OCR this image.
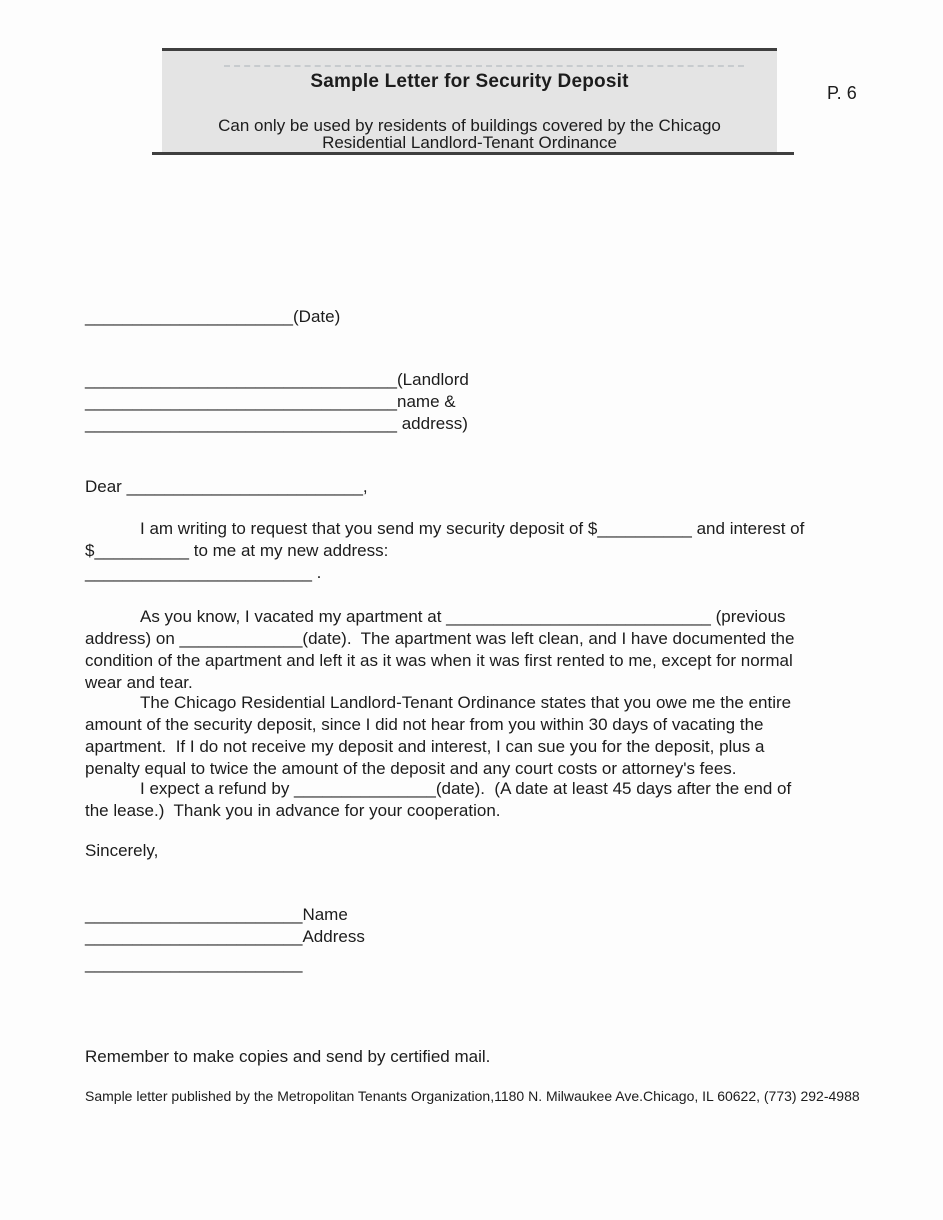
Sample Letter for Security Deposit
Can only be used by residents of buildings covered by the Chicago
Residential Landlord-Tenant Ordinance
P. 6
______________________(Date)
_________________________________(Landlord
_________________________________name &
_________________________________ address)
Dear _________________________,
I am writing to request that you send my security deposit of $__________ and interest of
$__________ to me at my new address:
________________________ .
As you know, I vacated my apartment at ____________________________ (previous
address) on _____________(date).  The apartment was left clean, and I have documented the
condition of the apartment and left it as it was when it was first rented to me, except for normal
wear and tear.
The Chicago Residential Landlord-Tenant Ordinance states that you owe me the entire
amount of the security deposit, since I did not hear from you within 30 days of vacating the
apartment.  If I do not receive my deposit and interest, I can sue you for the deposit, plus a
penalty equal to twice the amount of the deposit and any court costs or attorney's fees.
I expect a refund by _______________(date).  (A date at least 45 days after the end of
the lease.)  Thank you in advance for your cooperation.
Sincerely,
_______________________Name
_______________________Address
_______________________
Remember to make copies and send by certified mail.
Sample letter published by the Metropolitan Tenants Organization,1180 N. Milwaukee Ave.Chicago, IL 60622, (773) 292-4988
